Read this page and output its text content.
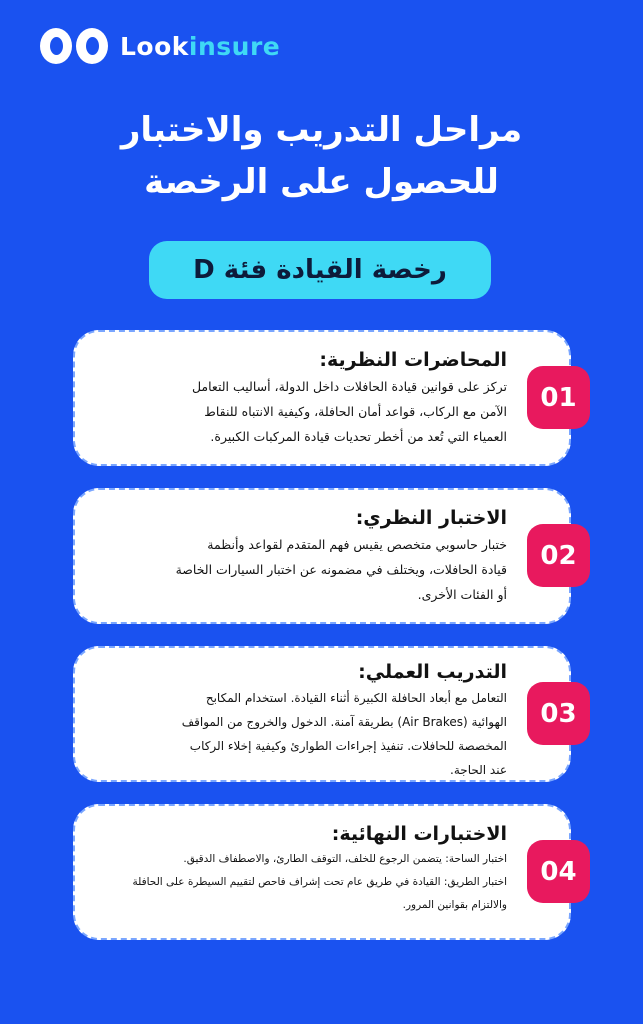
Lookinsure
مراحل التدريب والاختبار
للحصول على الرخصة
رخصة القيادة فئة D
المحاضرات النظرية:
تركز على قوانين قيادة الحافلات داخل الدولة، أساليب التعامل
الآمن مع الركاب، قواعد أمان الحافلة، وكيفية الانتباه للنقاط
العمياء التي تُعد من أخطر تحديات قيادة المركبات الكبيرة.
01
الاختبار النظري:
ختبار حاسوبي متخصص يقيس فهم المتقدم لقواعد وأنظمة
قيادة الحافلات، ويختلف في مضمونه عن اختبار السيارات الخاصة
أو الفئات الأخرى.
02
التدريب العملي:
التعامل مع أبعاد الحافلة الكبيرة أثناء القيادة. استخدام المكابح
الهوائية (Air Brakes) بطريقة آمنة. الدخول والخروج من المواقف
المخصصة للحافلات. تنفيذ إجراءات الطوارئ وكيفية إخلاء الركاب
عند الحاجة.
03
الاختبارات النهائية:
اختبار الساحة: يتضمن الرجوع للخلف، التوقف الطارئ، والاصطفاف الدقيق.
اختبار الطريق: القيادة في طريق عام تحت إشراف فاحص لتقييم السيطرة على الحافلة
والالتزام بقوانين المرور.
04
